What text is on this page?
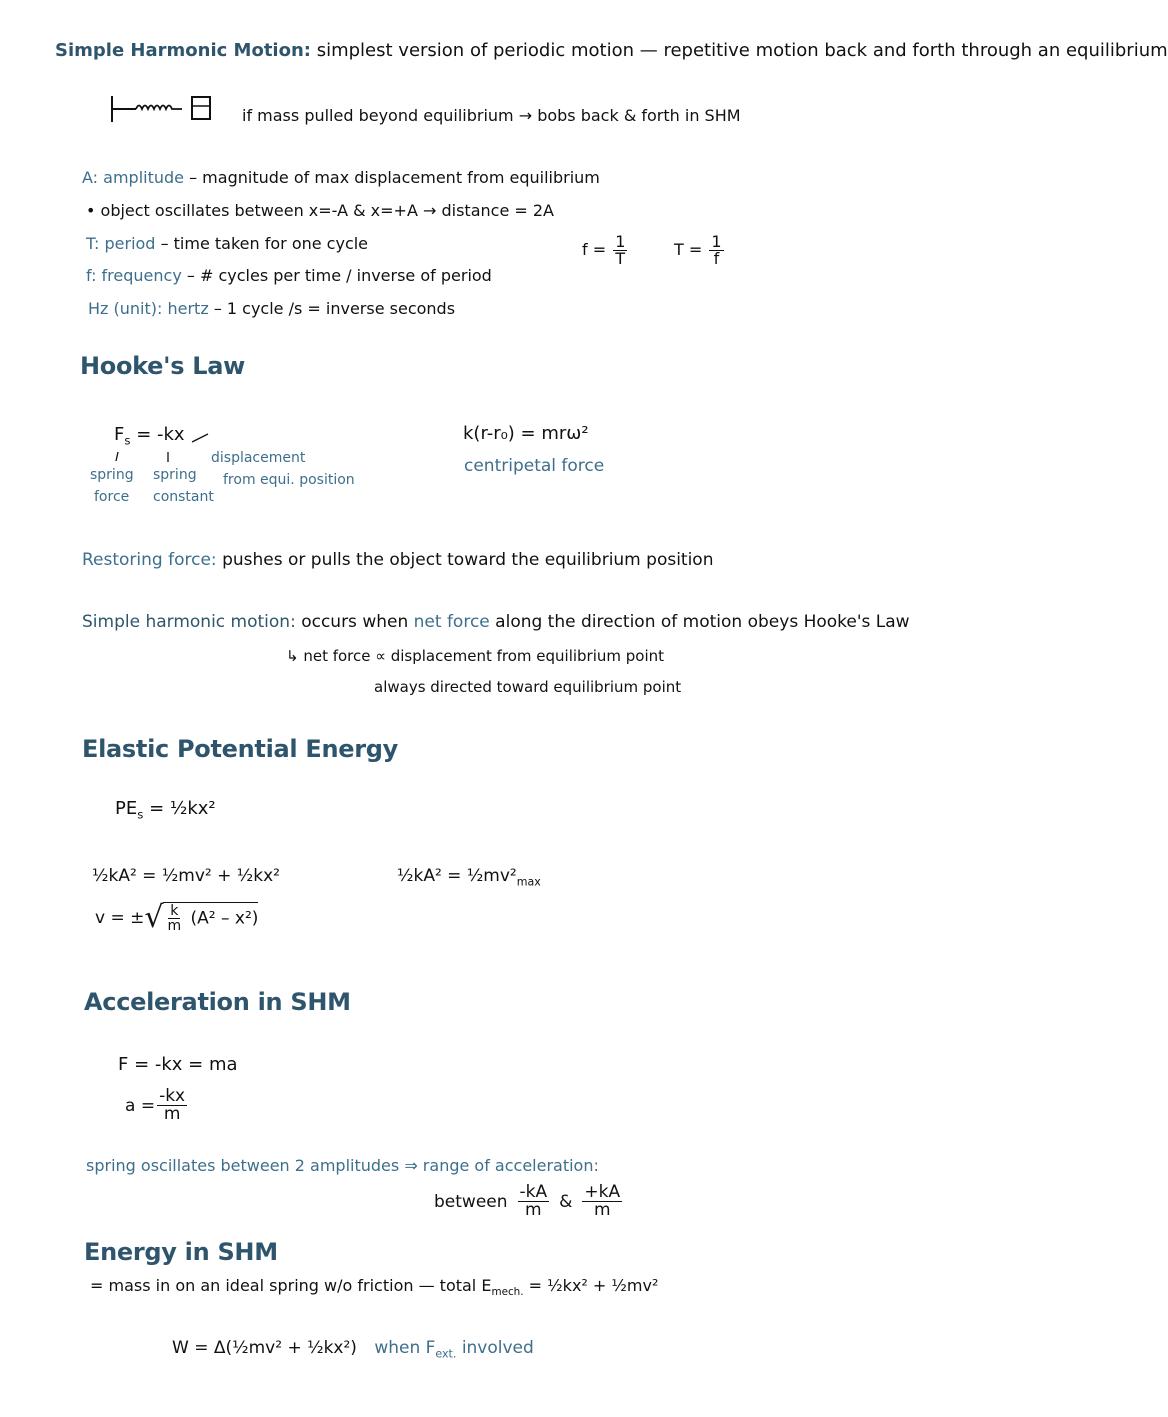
Simple Harmonic Motion: simplest version of periodic motion — repetitive motion back and forth through an equilibrium
if mass pulled beyond equilibrium → bobs back & forth in SHM
A: amplitude – magnitude of max displacement from equilibrium
• object oscillates between x=-A & x=+A → distance = 2A
T: period – time taken for one cycle
f: frequency – # cycles per time / inverse of period
Hz (unit): hertz – 1 cycle /s = inverse seconds
$f = \frac{1}{T}$	$T = \frac{1}{f}$
Hooke's Law
$F_s = -kx$
spring
force
spring
constant
displacement
from equi. position
k(r-r₀) = mrω²
centripetal force
Restoring force: pushes or pulls the object toward the equilibrium position
Simple harmonic motion: occurs when net force along the direction of motion obeys Hooke's Law
↳ net force ∝ displacement from equilibrium point
always directed toward equilibrium point
Elastic Potential Energy
$PE_s$ = ½kx²
½kA² = ½mv² + ½kx²
v = ± √ $\frac{k}{m} (A^2 - x^2)$
½kA² = $\frac{1}{2}mv^2_{max}$
Acceleration in SHM
F = -kx = ma
$a = \frac{-kx}{m}$
spring oscillates between 2 amplitudes ⇒ range of acceleration:
between $\frac{-kA}{m}$ & $\frac{+kA}{m}$
Energy in SHM
= mass in on an ideal spring w/o friction — total $E_{mech.}$ = ½kx² + ½mv²
W = Δ(½mv² + ½kx²) when $F_{ext.}$ involved
